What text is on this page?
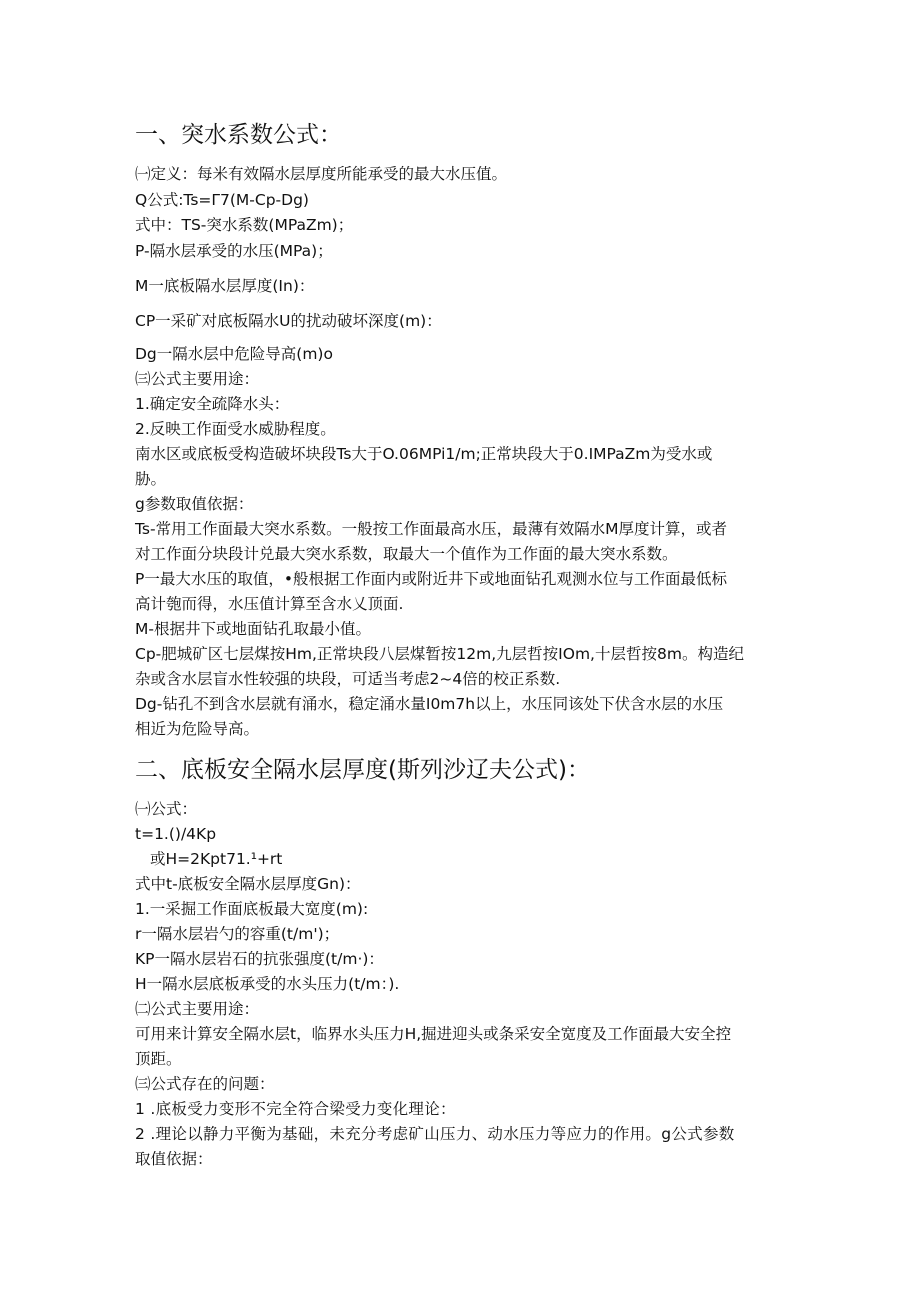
一、突水系数公式：
㈠定义：每米有效隔水层厚度所能承受的最大水压值。
Q公式:Ts=Γ7(M-Cp-Dg)
式中：TS-突水系数(MPaZm)；
P-隔水层承受的水压(MPa)；
M一底板隔水层厚度(In)：
CP一采矿对底板隔水U的扰动破坏深度(m)：
Dg一隔水层中危险导高(m)o
㈢公式主要用途：
1.确定安全疏降水头：
2.反映工作面受水威胁程度。
南水区或底板受构造破坏块段Ts大于O.06MPi1/m;正常块段大于0.IMPaZm为受水或
胁。
g参数取值依据：
Ts-常用工作面最大突水系数。一般按工作面最高水压，最薄有效隔水M厚度计算，或者
对工作面分块段计兑最大突水系数，取最大一个值作为工作面的最大突水系数。
P一最大水压的取值，•般根据工作面内或附近井下或地面钻孔观测水位与工作面最低标
高计匏而得，水压值计算至含水乂顶面.
M-根据井下或地面钻孔取最小值。
Cp-肥城矿区七层煤按Hm,正常块段八层煤暂按12m,九层哲按IOm,十层哲按8m。构造纪
杂或含水层盲水性较强的块段，可适当考虑2~4倍的校正系数.
Dg-钻孔不到含水层就有涌水，稳定涌水量I0m7h以上，水压同该处下伏含水层的水压
相近为危险导高。
二、底板安全隔水层厚度(斯列沙辽夫公式)：
㈠公式：
t=1.()∕4Kp
或H=2Kpt71.¹+rt
式中t-底板安全隔水层厚度Gn)：
1.一采掘工作面底板最大宽度(m):
r一隔水层岩勺的容重(t∕m')；
KP一隔水层岩石的抗张强度(t/m·)：
H一隔水层底板承受的水头压力(t/m：).
㈡公式主要用途：
可用来计算安全隔水层t，临界水头压力H,掘进迎头或条采安全宽度及工作面最大安全控
顶距。
㈢公式存在的问题：
1 .底板受力变形不完全符合梁受力变化理论：
2 .理论以静力平衡为基础，未充分考虑矿山压力、动水压力等应力的作用。g公式参数
取值依据：
